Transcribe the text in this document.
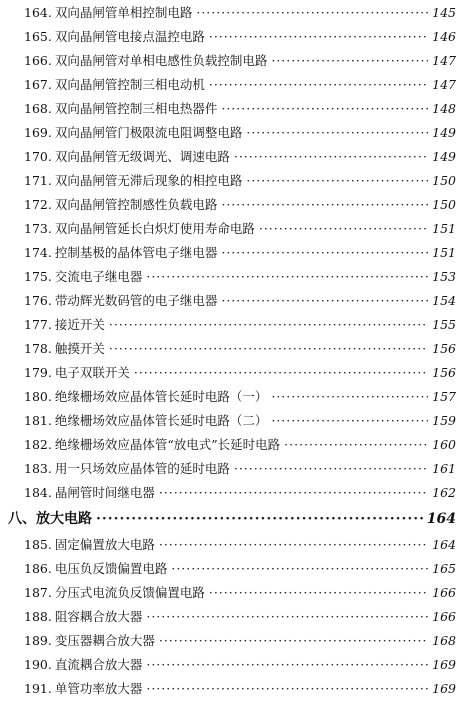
164. 双向晶闸管单相控制电路 ·····	145
165. 双向晶闸管电接点温控电路 ·····	146
166. 双向晶闸管对单相电感性负载控制电路 ·····	147
167. 双向晶闸管控制三相电动机 ·····	147
168. 双向晶闸管控制三相电热器件 ·····	148
169. 双向晶闸管门极限流电阻调整电路 ·····	149
170. 双向晶闸管无级调光、调速电路 ·····	149
171. 双向晶闸管无滞后现象的相控电路 ·····	150
172. 双向晶闸管控制感性负载电路 ·····	150
173. 双向晶闸管延长白炽灯使用寿命电路 ·····	151
174. 控制基极的晶体管电子继电器 ·····	151
175. 交流电子继电器 ·····	153
176. 带动辉光数码管的电子继电器 ·····	154
177. 接近开关 ·····	155
178. 触摸开关 ·····	156
179. 电子双联开关 ·····	156
180. 绝缘栅场效应晶体管长延时电路（一） ·····	157
181. 绝缘栅场效应晶体管长延时电路（二） ·····	159
182. 绝缘栅场效应晶体管“放电式”长延时电路 ·····	160
183. 用一只场效应晶体管的延时电路 ·····	161
184. 晶闸管时间继电器 ·····	162
八、放大电路 ·····	164
185. 固定偏置放大电路 ·····	164
186. 电压负反馈偏置电路 ·····	165
187. 分压式电流负反馈偏置电路 ·····	166
188. 阻容耦合放大器 ·····	166
189. 变压器耦合放大器 ·····	168
190. 直流耦合放大器 ·····	169
191. 单管功率放大器 ·····	169
